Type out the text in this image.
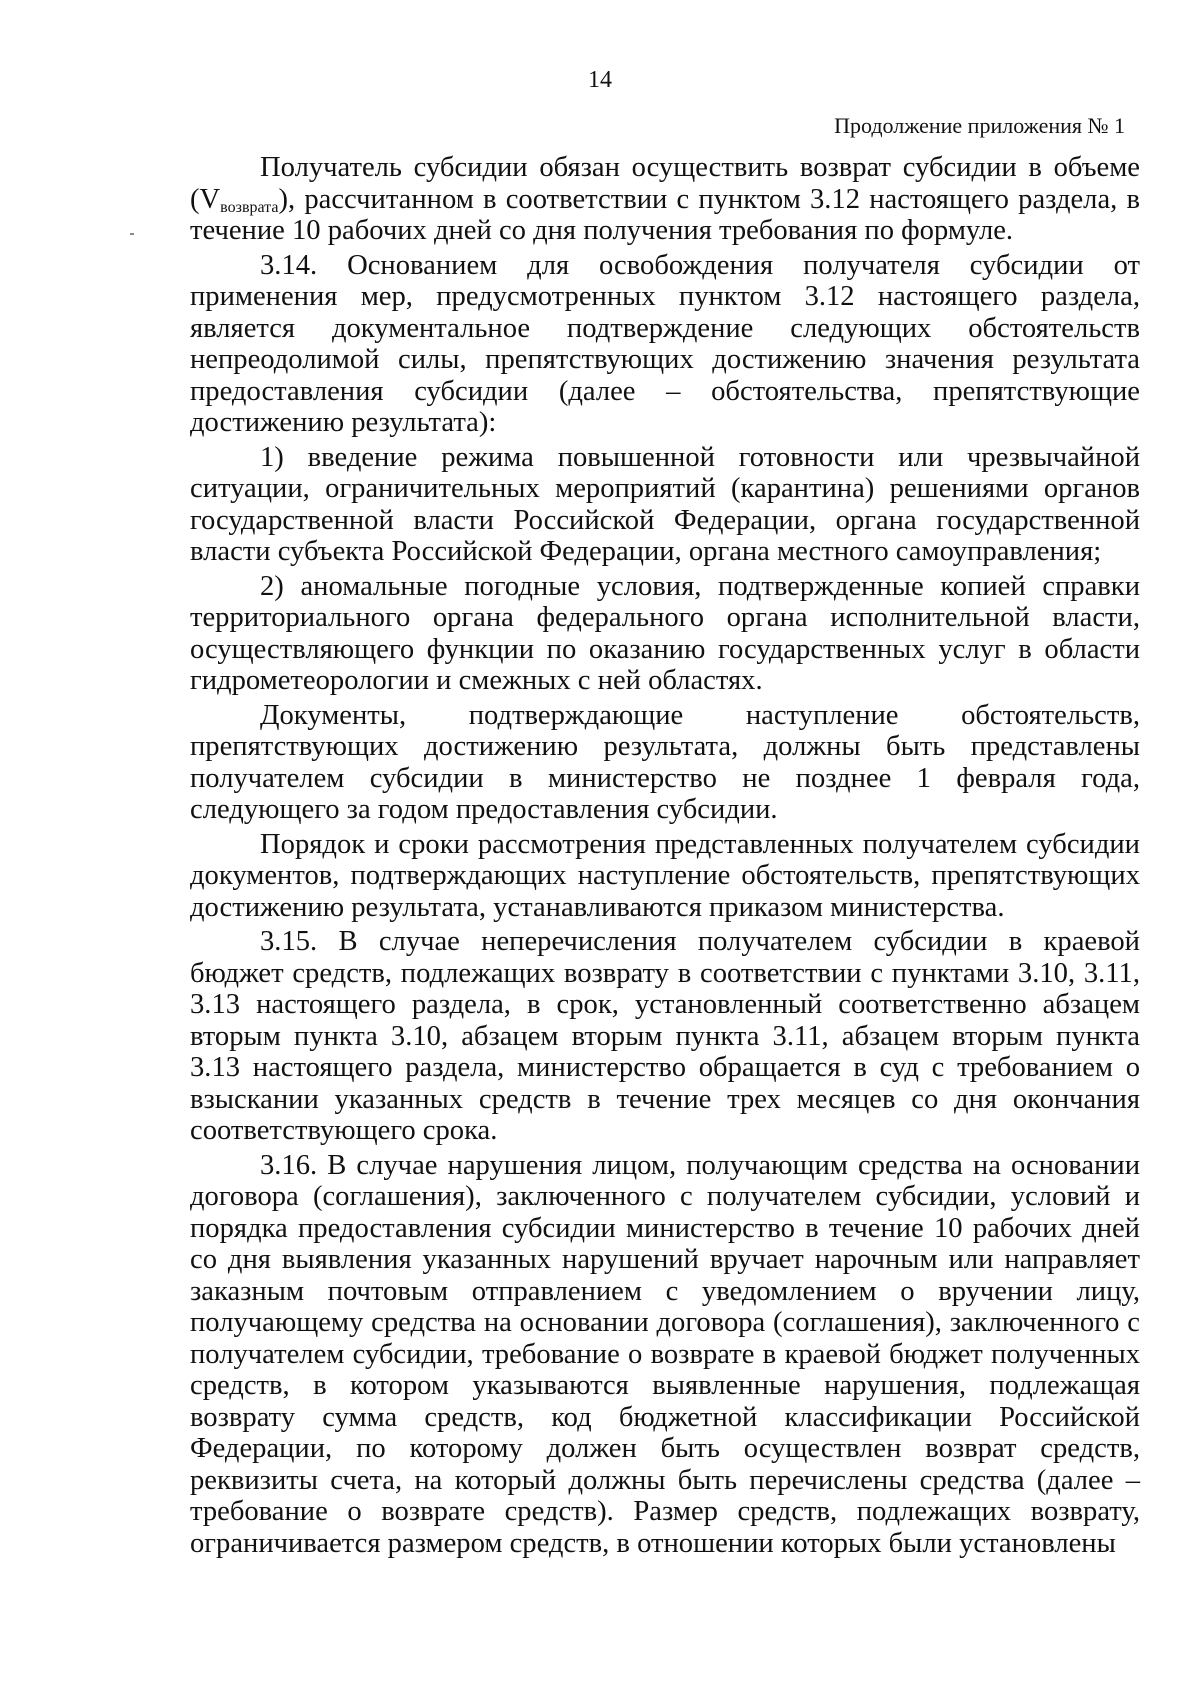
14
Продолжение приложения № 1

Получатель субсидии обязан осуществить возврат субсидии в объеме $(V_{возврата})$, рассчитанном в соответствии с пунктом 3.12 настоящего раздела, в течение 10 рабочих дней со дня получения требования по формуле.

3.14. Основанием для освобождения получателя субсидии от применения мер, предусмотренных пунктом 3.12 настоящего раздела, является документальное подтверждение следующих обстоятельств непреодолимой силы, препятствующих достижению значения результата предоставления субсидии (далее – обстоятельства, препятствующие достижению результата):

1) введение режима повышенной готовности или чрезвычайной ситуации, ограничительных мероприятий (карантина) решениями органов государственной власти Российской Федерации, органа государственной власти субъекта Российской Федерации, органа местного самоуправления;

2) аномальные погодные условия, подтвержденные копией справки территориального органа федерального органа исполнительной власти, осуществляющего функции по оказанию государственных услуг в области гидрометеорологии и смежных с ней областях.

Документы, подтверждающие наступление обстоятельств, препятствующих достижению результата, должны быть представлены получателем субсидии в министерство не позднее 1 февраля года, следующего за годом предоставления субсидии.

Порядок и сроки рассмотрения представленных получателем субсидии документов, подтверждающих наступление обстоятельств, препятствующих достижению результата, устанавливаются приказом министерства.

3.15. В случае неперечисления получателем субсидии в краевой бюджет средств, подлежащих возврату в соответствии с пунктами 3.10, 3.11, 3.13 настоящего раздела, в срок, установленный соответственно абзацем вторым пункта 3.10, абзацем вторым пункта 3.11, абзацем вторым пункта 3.13 настоящего раздела, министерство обращается в суд с требованием о взыскании указанных средств в течение трех месяцев со дня окончания соответствующего срока.

3.16. В случае нарушения лицом, получающим средства на основании договора (соглашения), заключенного с получателем субсидии, условий и порядка предоставления субсидии министерство в течение 10 рабочих дней со дня выявления указанных нарушений вручает нарочным или направляет заказным почтовым отправлением с уведомлением о вручении лицу, получающему средства на основании договора (соглашения), заключенного с получателем субсидии, требование о возврате в краевой бюджет полученных средств, в котором указываются выявленные нарушения, подлежащая возврату сумма средств, код бюджетной классификации Российской Федерации, по которому должен быть осуществлен возврат средств, реквизиты счета, на который должны быть перечислены средства (далее – требование о возврате средств). Размер средств, подлежащих возврату, ограничивается размером средств, в отношении которых были установлены
